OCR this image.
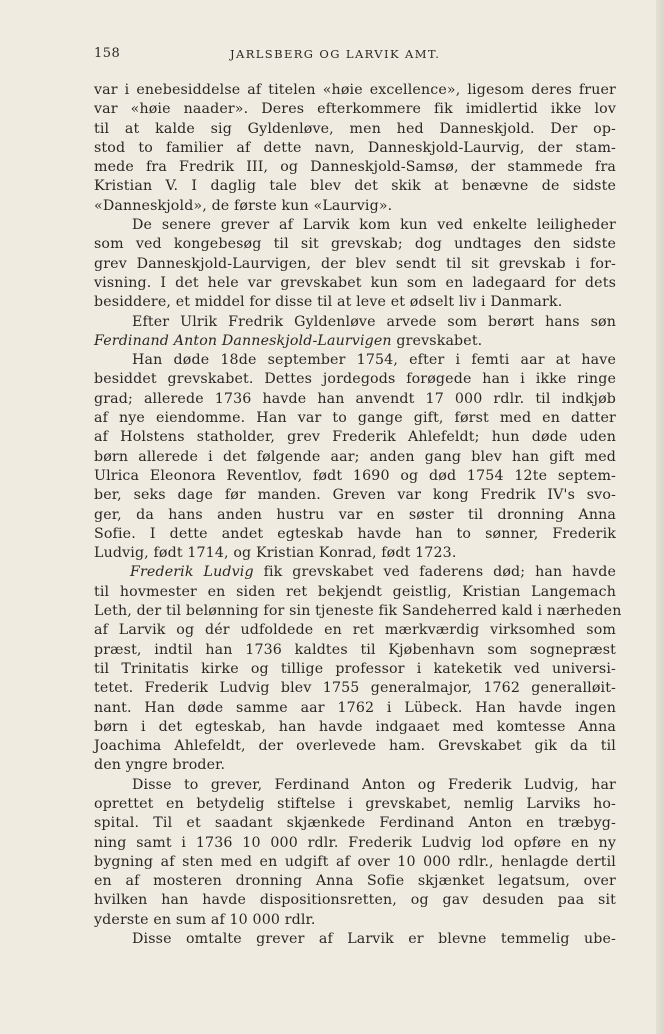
158	JARLSBERG OG LARVIK AMT.
var i enebesiddelse af titelen «høie excellence», ligesom deres fruer
var «høie naader». Deres efterkommere fik imidlertid ikke lov
til at kalde sig Gyldenløve, men hed Danneskjold. Der op-
stod to familier af dette navn, Danneskjold-Laurvig, der stam-
mede fra Fredrik III, og Danneskjold-Samsø, der stammede fra
Kristian V. I daglig tale blev det skik at benævne de sidste
«Danneskjold», de første kun «Laurvig».
De senere grever af Larvik kom kun ved enkelte leiligheder
som ved kongebesøg til sit grevskab; dog undtages den sidste
grev Danneskjold-Laurvigen, der blev sendt til sit grevskab i for-
visning. I det hele var grevskabet kun som en ladegaard for dets
besiddere, et middel for disse til at leve et ødselt liv i Danmark.
Efter Ulrik Fredrik Gyldenløve arvede som berørt hans søn
Ferdinand Anton Danneskjold-Laurvigen grevskabet.
Han døde 18de september 1754, efter i femti aar at have
besiddet grevskabet. Dettes jordegods forøgede han i ikke ringe
grad; allerede 1736 havde han anvendt 17 000 rdlr. til indkjøb
af nye eiendomme. Han var to gange gift, først med en datter
af Holstens statholder, grev Frederik Ahlefeldt; hun døde uden
børn allerede i det følgende aar; anden gang blev han gift med
Ulrica Eleonora Reventlov, født 1690 og død 1754 12te septem-
ber, seks dage før manden. Greven var kong Fredrik IV's svo-
ger, da hans anden hustru var en søster til dronning Anna
Sofie. I dette andet egteskab havde han to sønner, Frederik
Ludvig, født 1714, og Kristian Konrad, født 1723.
Frederik Ludvig fik grevskabet ved faderens død; han havde
til hovmester en siden ret bekjendt geistlig, Kristian Langemach
Leth, der til belønning for sin tjeneste fik Sandeherred kald i nærheden
af Larvik og dér udfoldede en ret mærkværdig virksomhed som
præst, indtil han 1736 kaldtes til Kjøbenhavn som sognepræst
til Trinitatis kirke og tillige professor i kateketik ved universi-
tetet. Frederik Ludvig blev 1755 generalmajor, 1762 generalløit-
nant. Han døde samme aar 1762 i Lübeck. Han havde ingen
børn i det egteskab, han havde indgaaet med komtesse Anna
Joachima Ahlefeldt, der overlevede ham. Grevskabet gik da til
den yngre broder.
Disse to grever, Ferdinand Anton og Frederik Ludvig, har
oprettet en betydelig stiftelse i grevskabet, nemlig Larviks ho-
spital. Til et saadant skjænkede Ferdinand Anton en træbyg-
ning samt i 1736 10 000 rdlr. Frederik Ludvig lod opføre en ny
bygning af sten med en udgift af over 10 000 rdlr., henlagde dertil
en af mosteren dronning Anna Sofie skjænket legatsum, over
hvilken han havde dispositionsretten, og gav desuden paa sit
yderste en sum af 10 000 rdlr.
Disse omtalte grever af Larvik er blevne temmelig ube-
